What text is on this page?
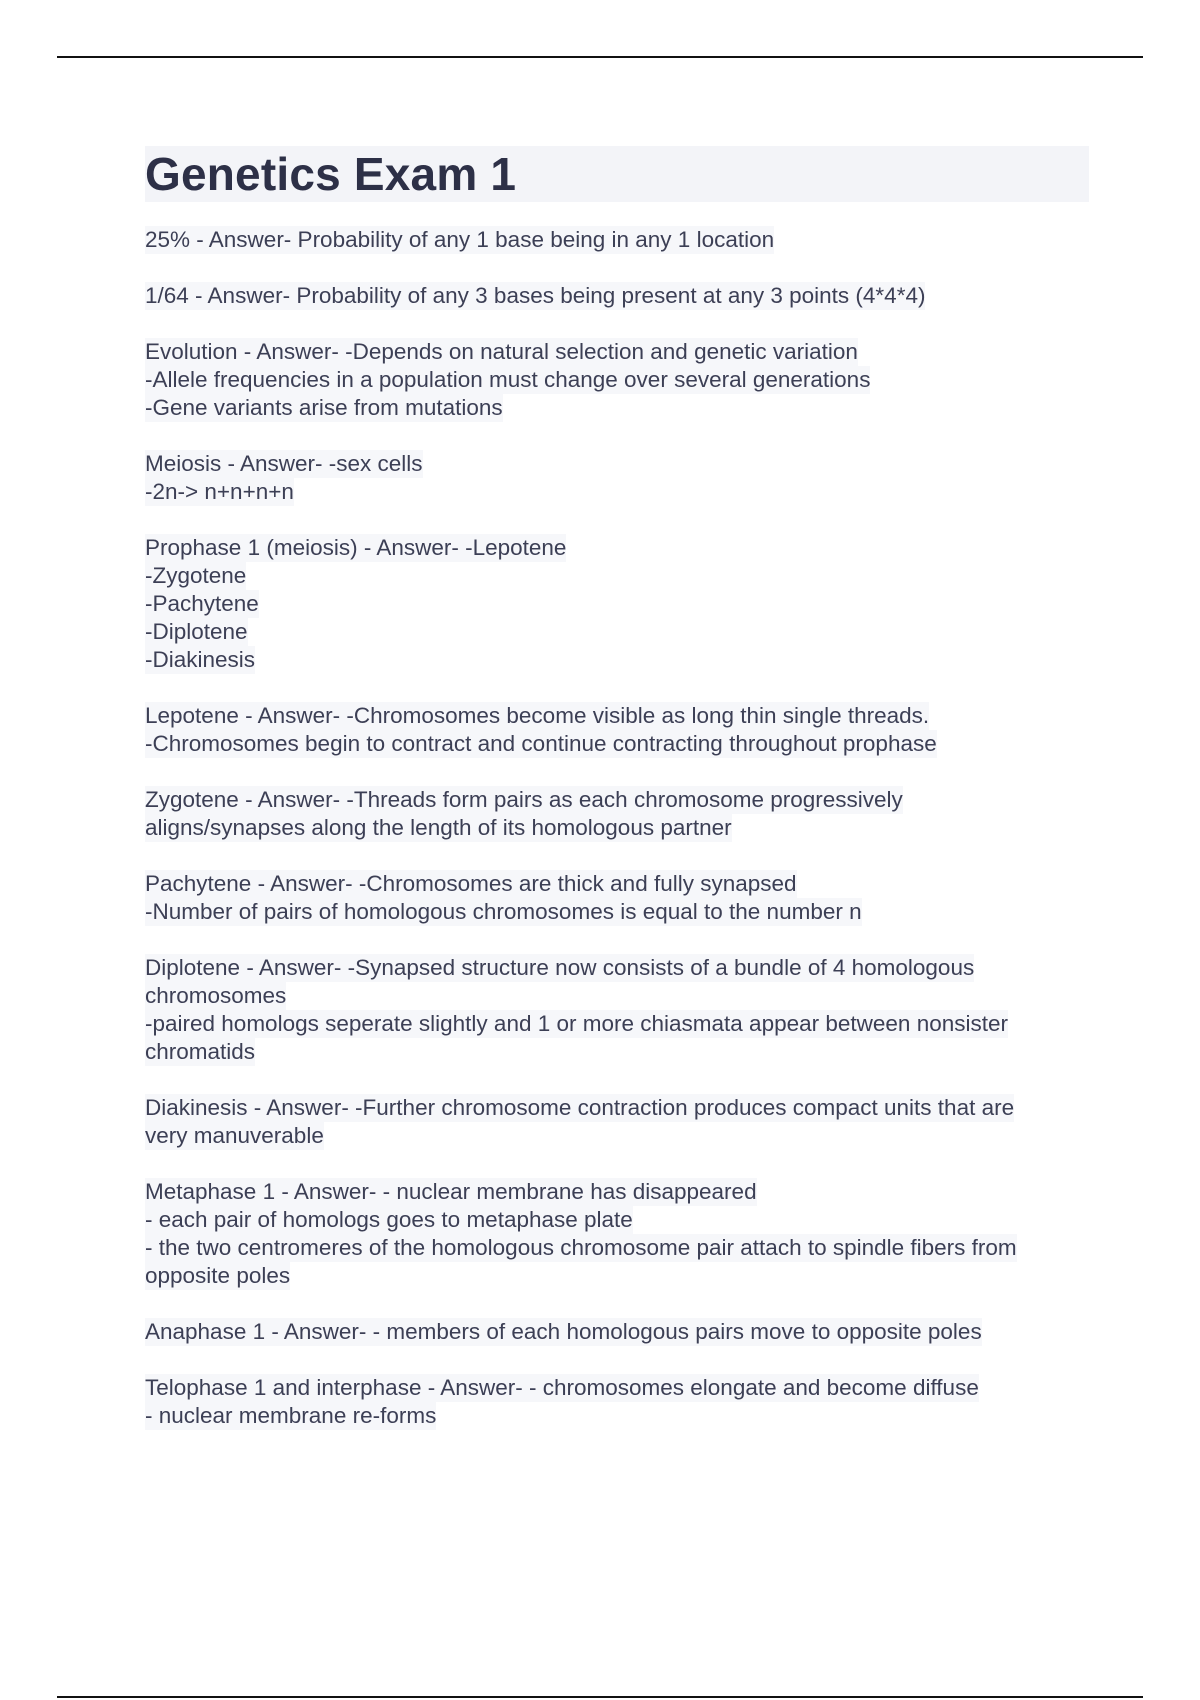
Genetics Exam 1
25% - Answer- Probability of any 1 base being in any 1 location
1/64 - Answer- Probability of any 3 bases being present at any 3 points (4*4*4)
Evolution - Answer- -Depends on natural selection and genetic variation
-Allele frequencies in a population must change over several generations
-Gene variants arise from mutations
Meiosis - Answer- -sex cells
-2n-> n+n+n+n
Prophase 1 (meiosis) - Answer- -Lepotene
-Zygotene
-Pachytene
-Diplotene
-Diakinesis
Lepotene - Answer- -Chromosomes become visible as long thin single threads.
-Chromosomes begin to contract and continue contracting throughout prophase
Zygotene - Answer- -Threads form pairs as each chromosome progressively
aligns/synapses along the length of its homologous partner
Pachytene - Answer- -Chromosomes are thick and fully synapsed
-Number of pairs of homologous chromosomes is equal to the number n
Diplotene - Answer- -Synapsed structure now consists of a bundle of 4 homologous
chromosomes
-paired homologs seperate slightly and 1 or more chiasmata appear between nonsister
chromatids
Diakinesis - Answer- -Further chromosome contraction produces compact units that are
very manuverable
Metaphase 1 - Answer- - nuclear membrane has disappeared
- each pair of homologs goes to metaphase plate
- the two centromeres of the homologous chromosome pair attach to spindle fibers from
opposite poles
Anaphase 1 - Answer- - members of each homologous pairs move to opposite poles
Telophase 1 and interphase - Answer- - chromosomes elongate and become diffuse
- nuclear membrane re-forms
